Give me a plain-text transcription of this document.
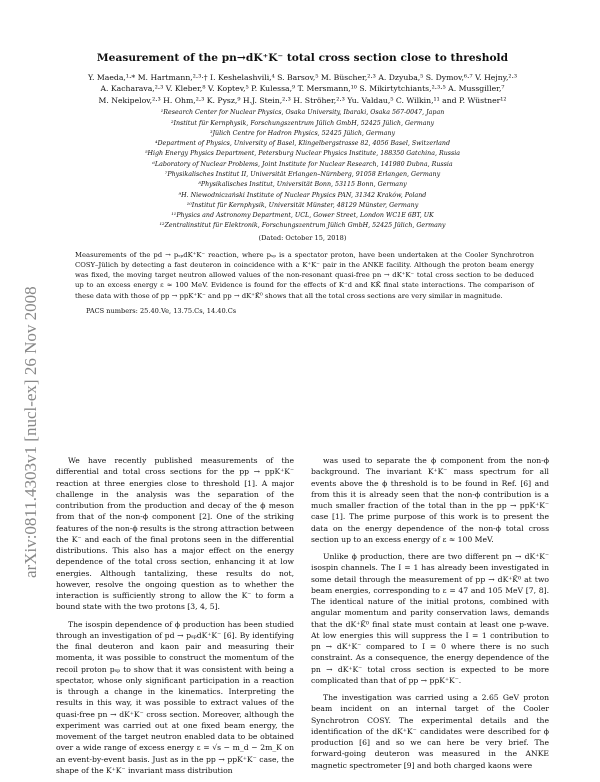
arXiv:0811.4303v1 [nucl-ex] 26 Nov 2008
Measurement of the pn→dK⁺K⁻ total cross section close to threshold
Y. Maeda,¹·* M. Hartmann,²·³·† I. Keshelashvili,⁴ S. Barsov,⁵ M. Büscher,²·³ A. Dzyuba,⁵ S. Dymov,⁶·⁷ V. Hejny,²·³
A. Kacharava,²·³ V. Kleber,⁸ V. Koptev,⁵ P. Kulessa,⁹ T. Mersmann,¹⁰ S. Mikirtytchiants,²·³·⁵ A. Mussgiller,⁷
M. Nekipelov,²·³ H. Ohm,²·³ K. Pysz,⁹ H.J. Stein,²·³ H. Ströher,²·³ Yu. Valdau,⁵ C. Wilkin,¹¹ and P. Wüstner¹²
¹Research Center for Nuclear Physics, Osaka University, Ibaraki, Osaka 567-0047, Japan
²Institut für Kernphysik, Forschungszentrum Jülich GmbH, 52425 Jülich, Germany
³Jülich Centre for Hadron Physics, 52425 Jülich, Germany
⁴Department of Physics, University of Basel, Klingelbergstrasse 82, 4056 Basel, Switzerland
⁵High Energy Physics Department, Petersburg Nuclear Physics Institute, 188350 Gatchina, Russia
⁶Laboratory of Nuclear Problems, Joint Institute for Nuclear Research, 141980 Dubna, Russia
⁷Physikalisches Institut II, Universität Erlangen–Nürnberg, 91058 Erlangen, Germany
⁸Physikalisches Institut, Universität Bonn, 53115 Bonn, Germany
⁹H. Niewodniczański Institute of Nuclear Physics PAN, 31342 Kraków, Poland
¹⁰Institut für Kernphysik, Universität Münster, 48129 Münster, Germany
¹¹Physics and Astronomy Department, UCL, Gower Street, London WC1E 6BT, UK
¹²Zentralinstitut für Elektronik, Forschungszentrum Jülich GmbH, 52425 Jülich, Germany
(Dated: October 15, 2018)
Measurements of the pd → pₛₚdK⁺K⁻ reaction, where pₛₚ is a spectator proton, have been undertaken at the Cooler Synchrotron COSY–Jülich by detecting a fast deuteron in coincidence with a K⁺K⁻ pair in the ANKE facility. Although the proton beam energy was fixed, the moving target neutron allowed values of the non-resonant quasi-free pn → dK⁺K⁻ total cross section to be deduced up to an excess energy ε ≈ 100 MeV. Evidence is found for the effects of K⁻d and KK̄ final state interactions. The comparison of these data with those of pp → ppK⁺K⁻ and pp → dK⁺K̄⁰ shows that all the total cross sections are very similar in magnitude.
PACS numbers: 25.40.Ve, 13.75.Cs, 14.40.Cs

We have recently published measurements of the differential and total cross sections for the pp → ppK⁺K⁻ reaction at three energies close to threshold [1]. A major challenge in the analysis was the separation of the contribution from the production and decay of the ϕ meson from that of the non-ϕ component [2]. One of the striking features of the non-ϕ results is the strong attraction between the K⁻ and each of the final protons seen in the differential distributions. This also has a major effect on the energy dependence of the total cross section, enhancing it at low energies. Although tantalizing, these results do not, however, resolve the ongoing question as to whether the interaction is sufficiently strong to allow the K⁻ to form a bound state with the two protons [3, 4, 5].

The isospin dependence of ϕ production has been studied through an investigation of pd → pₛₚdK⁺K⁻ [6]. By identifying the final deuteron and kaon pair and measuring their momenta, it was possible to construct the momentum of the recoil proton pₛₚ to show that it was consistent with being a spectator, whose only significant participation in a reaction is through a change in the kinematics. Interpreting the results in this way, it was possible to extract values of the quasi-free pn → dK⁺K⁻ cross section. Moreover, although the experiment was carried out at one fixed beam energy, the movement of the target neutron enabled data to be obtained over a wide range of excess energy ε = √s − m_d − 2m_K on an event-by-event basis. Just as in the pp → ppK⁺K⁻ case, the shape of the K⁺K⁻ invariant mass distribution

was used to separate the ϕ component from the non-ϕ background. The invariant K⁺K⁻ mass spectrum for all events above the ϕ threshold is to be found in Ref. [6] and from this it is already seen that the non-ϕ contribution is a much smaller fraction of the total than in the pp → ppK⁺K⁻ case [1]. The prime purpose of this work is to present the data on the energy dependence of the non-ϕ total cross section up to an excess energy of ε ≈ 100 MeV.

Unlike ϕ production, there are two different pn → dK⁺K⁻ isospin channels. The I = 1 has already been investigated in some detail through the measurement of pp → dK⁺K̄⁰ at two beam energies, corresponding to ε = 47 and 105 MeV [7, 8]. The identical nature of the initial protons, combined with angular momentum and parity conservation laws, demands that the dK⁺K̄⁰ final state must contain at least one p-wave. At low energies this will suppress the I = 1 contribution to pn → dK⁺K⁻ compared to I = 0 where there is no such constraint. As a consequence, the energy dependence of the pn → dK⁺K⁻ total cross section is expected to be more complicated than that of pp → ppK⁺K⁻.

The investigation was carried using a 2.65 GeV proton beam incident on an internal target of the Cooler Synchrotron COSY. The experimental details and the identification of the dK⁺K⁻ candidates were described for ϕ production [6] and so we can here be very brief. The forward-going deuteron was measured in the ANKE magnetic spectrometer [9] and both charged kaons were
